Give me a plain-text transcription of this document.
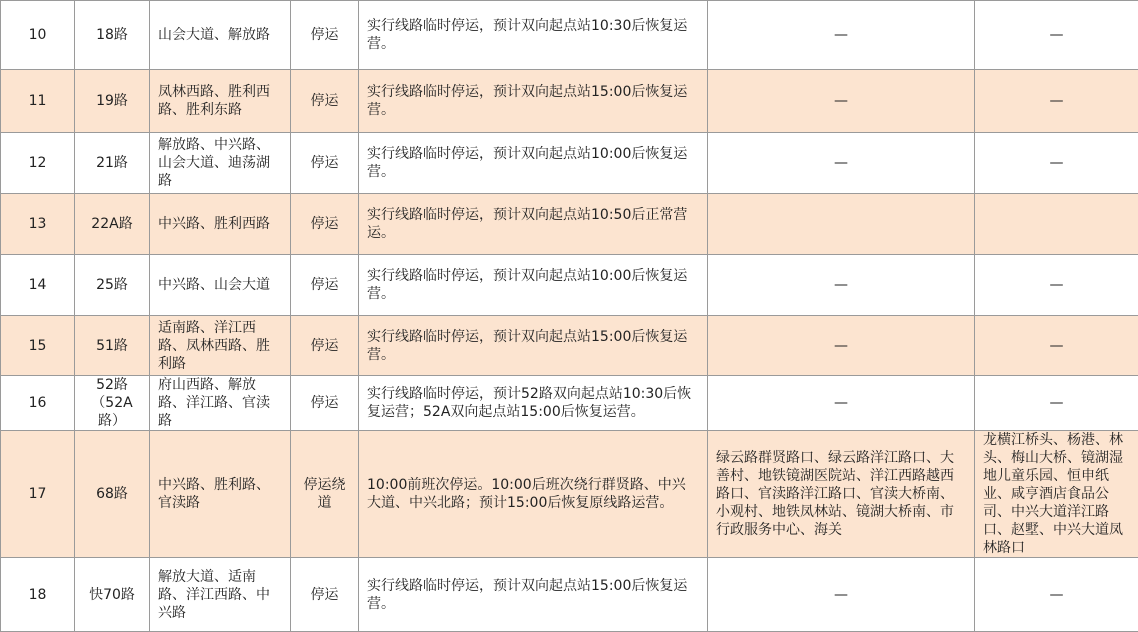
10	18路	山会大道、解放路	停运	实行线路临时停运，预计双向起点站10:30后恢复运营。	—	—
11	19路	凤林西路、胜利西路、胜利东路	停运	实行线路临时停运，预计双向起点站15:00后恢复运营。	—	—
12	21路	解放路、中兴路、山会大道、迪荡湖路	停运	实行线路临时停运，预计双向起点站10:00后恢复运营。	—	—
13	22A路	中兴路、胜利西路	停运	实行线路临时停运，预计双向起点站10:50后正常营运。		
14	25路	中兴路、山会大道	停运	实行线路临时停运，预计双向起点站10:00后恢复运营。	—	—
15	51路	适南路、洋江西路、凤林西路、胜利路	停运	实行线路临时停运，预计双向起点站15:00后恢复运营。	—	—
16	52路（52A路）	府山西路、解放路、洋江路、官渎路	停运	实行线路临时停运，预计52路双向起点站10:30后恢复运营；52A双向起点站15:00后恢复运营。	—	—
17	68路	中兴路、胜利路、官渎路	停运绕道	10:00前班次停运。10:00后班次绕行群贤路、中兴大道、中兴北路；预计15:00后恢复原线路运营。	绿云路群贤路口、绿云路洋江路口、大善村、地铁镜湖医院站、洋江西路越西路口、官渎路洋江路口、官渎大桥南、小观村、地铁凤林站、镜湖大桥南、市行政服务中心、海关	龙横江桥头、杨港、林头、梅山大桥、镜湖湿地儿童乐园、恒申纸业、咸亨酒店食品公司、中兴大道洋江路口、赵墅、中兴大道凤林路口
18	快70路	解放大道、适南路、洋江西路、中兴路	停运	实行线路临时停运，预计双向起点站15:00后恢复运营。	—	—
